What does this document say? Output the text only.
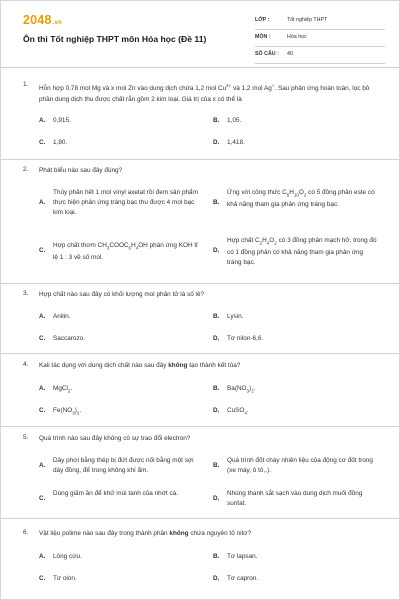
2048.vn
Ôn thi Tốt nghiệp THPT môn Hóa học (Đề 11)
LỚP :	Tốt nghiệp THPT
MÔN :	Hóa học
SỐ CÂU : 40
1.
Hỗn hợp 0,78 mol Mg và x mol Zn vào dung dịch chứa 1,2 mol $Cu^{2+}$ và 1,2 mol Ag+. Sau phản ứng hoàn toàn, lọc bỏ phần dung dịch thu được chất rắn gồm 2 kim loại. Giá trị của x có thể là
A. 0,915.	B. 1,05.
C. 1,80.	D. 1,418.
2. Phát biểu nào sau đây đúng?
A.
Thủy phân hết 1 mol vinyl axetat rồi đem sản phẩm thực hiện phản ứng tráng bạc thu được 4 mol bạc kim loại.
B.
Ứng với công thức $C_5H_{10}O_2$ có 5 đồng phân este có khả năng tham gia phản ứng tráng bạc.
C.
Hợp chất thơm $CH_3COOC_6H_4OH$ phản ứng KOH tỉ lệ 1 : 3 về số mol.
D.
Hợp chất $C_2H_4O_2$ có 3 đồng phân mạch hở, trong đó có 1 đồng phân có khả năng tham gia phản ứng tráng bạc.
3. Hợp chất nào sau đây có khối lượng mol phân tử là số lẻ?
A. Anilin.	B. Lysin.
C. Saccarozo.	D. Tơ nilon-6,6.
4. Kali tác dụng với dung dịch chất nào sau đây không tạo thành kết tủa?
A. MgCl$_2$.	B. $Ba(NO_3)_2$.
C. $Fe(NO_3)_2$.	D. CuSO$_4$.
5. Quá trình nào sau đây không có sự trao đổi electron?
A.
Dây phơi bằng thép bị đứt được nối bằng một sợi dây đồng, để trong không khí ẩm.
B.
Quá trình đốt cháy nhiên liệu của động cơ đốt trong (xe máy, ô tô,.).
C.
Dùng giấm ăn để khử mùi tanh của nhớt cá.
D.
Nhúng thanh sắt sạch vào dung dịch muối đồng sunfat.
6. Vật liệu polime nào sau đây trong thành phần không chứa nguyên tố nitơ?
A. Lông cừu.	B. Tơ lapsan.
C. Tơ olon.	D. Tơ capron.
